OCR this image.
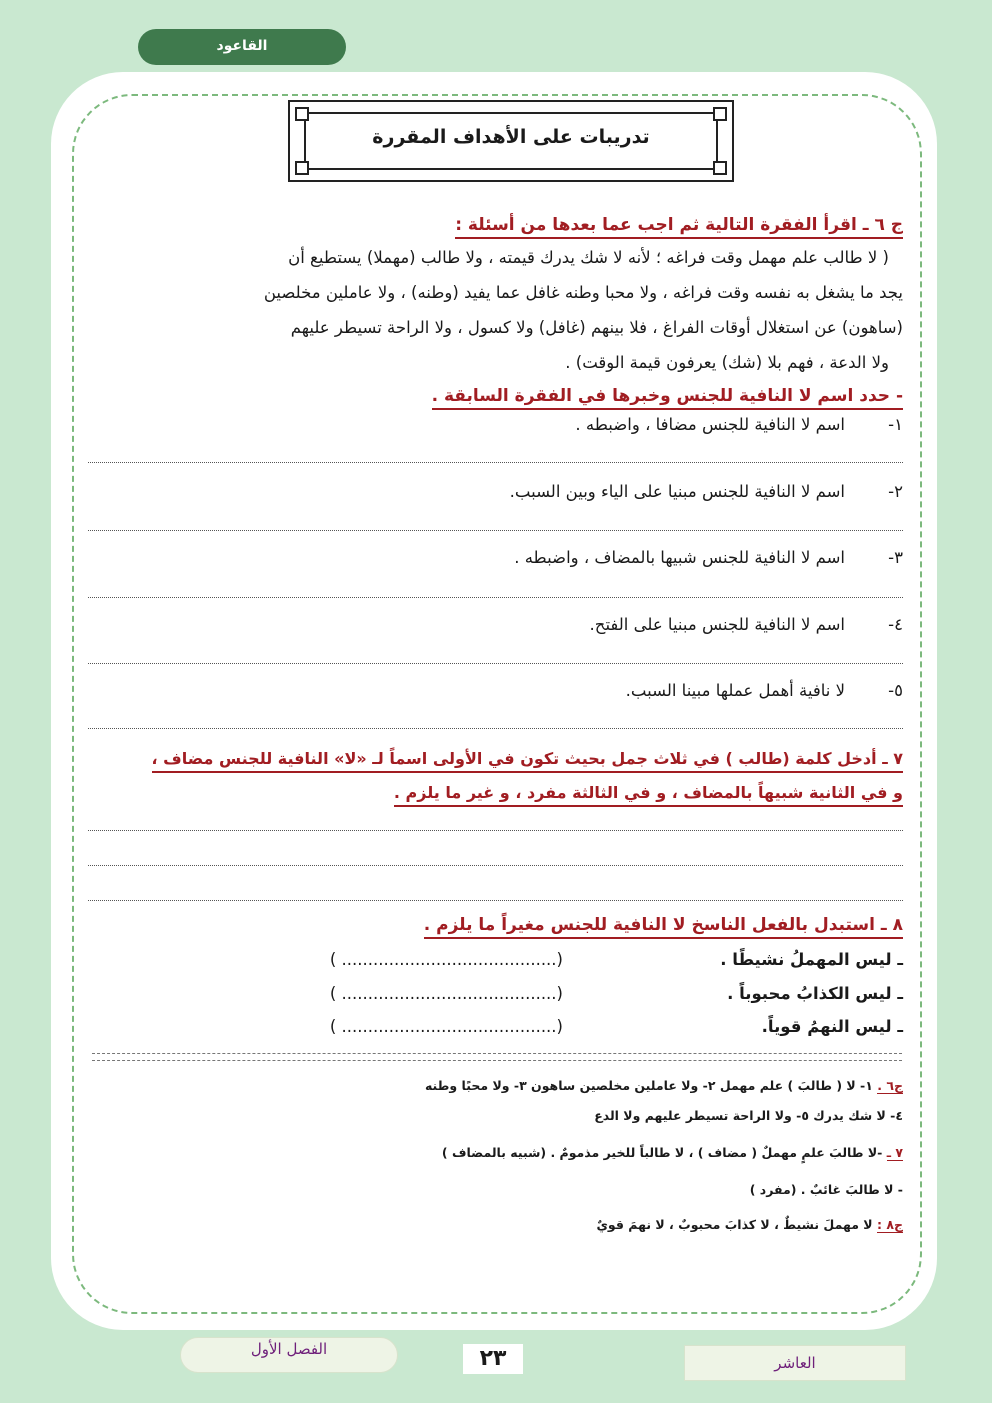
القاعود
تدريبات على الأهداف المقررة
ج ٦ ـ اقرأ الفقرة التالية ثم اجب عما بعدها من أسئلة :
( لا طالب علم مهمل وقت فراغه ؛ لأنه لا شك يدرك قيمته ، ولا طالب (مهملا) يستطيع أن
يجد ما يشغل به نفسه وقت فراغه ، ولا محبا وطنه غافل عما يفيد (وطنه) ، ولا عاملين مخلصين
(ساهون) عن استغلال أوقات الفراغ ، فلا بينهم (غافل) ولا كسول ، ولا الراحة تسيطر عليهم
ولا الدعة ، فهم بلا (شك) يعرفون قيمة الوقت) .
- حدد اسم لا النافية للجنس وخبرها في الفقرة السابقة .
١-
اسم لا النافية للجنس مضافا ، واضبطه .
٢-
اسم لا النافية للجنس مبنيا على الياء وبين السبب.
٣-
اسم لا النافية للجنس شبيها بالمضاف ، واضبطه .
٤-
اسم لا النافية للجنس مبنيا على الفتح.
٥-
لا نافية أهمل عملها مبينا السبب.
٧ ـ أدخل كلمة (طالب ) في ثلاث جمل بحيث تكون في الأولى اسماً لـ «لا» النافية للجنس مضاف ،
و في الثانية شبيهاً بالمضاف ، و في الثالثة مفرد ، و غير ما يلزم .
٨ ـ استبدل بالفعل الناسخ لا النافية للجنس مغيراً ما يلزم .
ـ ليس المهملُ نشيطًا .
(......................................... )
ـ ليس الكذابُ محبوباً .
(......................................... )
ـ ليس النهمُ قوياً.
(......................................... )
ج٦ . ١- لا ( طالبَ ) علم مهمل ٢- ولا عاملين مخلصين ساهون ٣- ولا محبًا وطنه
٤- لا شك يدرك ٥- ولا الراحة تسيطر عليهم ولا الدع
٧ ـ -لا طالبَ علمٍ مهملٌ ( مضاف ) ، لا طالباً للخير مذمومٌ . (شبيه بالمضاف )
- لا طالبَ غائبٌ . (مفرد )
ج٨ : لا مهملَ نشيطٌ ، لا كذابَ محبوبٌ ، لا نهمَ قويٌ
العاشر
٢٣
الفصل الأول
